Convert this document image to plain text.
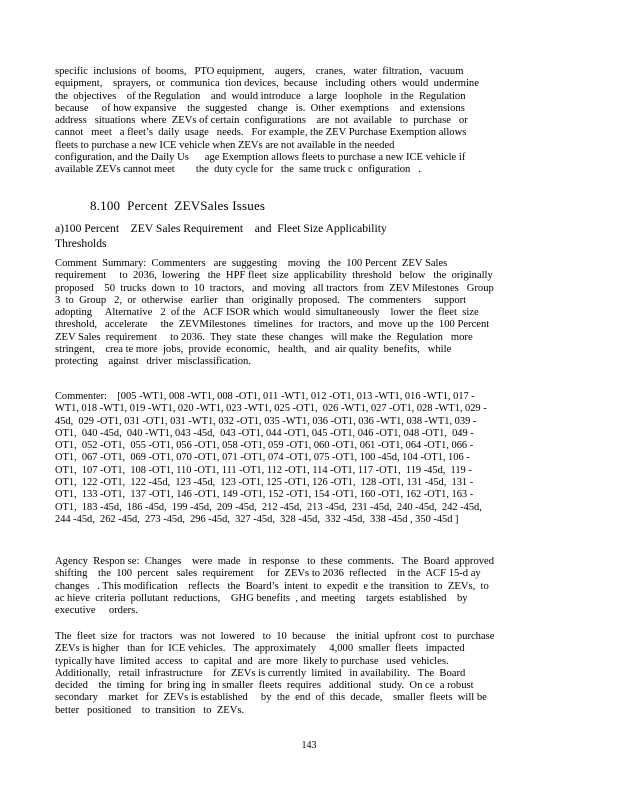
specific  inclusions  of  booms,   PTO equipment,    augers,    cranes,   water  filtration,   vacuum
equipment,    sprayers,  or  communica  tion devices,  because   including  others  would  undermine
the  objectives    of the Regulation    and  would introduce   a large   loophole   in the  Regulation
because     of how expansive    the  suggested    change   is.  Other  exemptions    and  extensions
address   situations  where  ZEVs of certain  configurations    are  not  available   to  purchase   or
cannot   meet   a fleet’s  daily  usage   needs.   For example, the ZEV Purchase Exemption allows
fleets to purchase a new ICE vehicle when ZEVs are not available in the needed
configuration, and the Daily Us      age Exemption allows fleets to purchase a new ICE vehicle if
available ZEVs cannot meet        the  duty cycle for   the  same truck c  onfiguration   .

8.100  Percent  ZEVSales Issues
a)100 Percent    ZEV Sales Requirement    and  Fleet Size Applicability
Thresholds

Comment  Summary:  Commenters   are  suggesting    moving   the  100 Percent  ZEV Sales
requirement     to  2036,  lowering   the  HPF fleet  size  applicability  threshold   below   the  originally
proposed    50  trucks  down  to  10  tractors,   and  moving   all tractors  from  ZEV Milestones   Group
3  to  Group   2,  or  otherwise   earlier   than   originally  proposed.   The  commenters     support
adopting     Alternative   2  of the   ACF ISOR which  would  simultaneously    lower  the  fleet  size
threshold,   accelerate     the  ZEVMilestones   timelines   for  tractors,  and  move  up the  100 Percent
ZEV Sales  requirement     to 2036.  They  state  these  changes   will make  the  Regulation   more
stringent,    crea te more  jobs,  provide  economic,   health,   and  air quality  benefits,   while
protecting    against   driver  misclassification.

Commenter:    [005 -WT1, 008 -WT1, 008 -OT1, 011 -WT1, 012 -OT1, 013 -WT1, 016 -WT1, 017 -
WT1, 018 -WT1, 019 -WT1, 020 -WT1, 023 -WT1, 025 -OT1,  026 -WT1, 027 -OT1, 028 -WT1, 029 -
45d,  029 -OT1, 031 -OT1, 031 -WT1, 032 -OT1, 035 -WT1, 036 -OT1, 036 -WT1, 038 -WT1, 039 -
OT1,  040 -45d,  040 -WT1, 043 -45d,  043 -OT1, 044 -OT1, 045 -OT1, 046 -OT1, 048 -OT1,  049 -
OT1,  052 -OT1,  055 -OT1, 056 -OT1, 058 -OT1, 059 -OT1, 060 -OT1, 061 -OT1, 064 -OT1, 066 -
OT1,  067 -OT1,  069 -OT1, 070 -OT1, 071 -OT1, 074 -OT1, 075 -OT1, 100 -45d, 104 -OT1, 106 -
OT1,  107 -OT1,  108 -OT1, 110 -OT1, 111 -OT1, 112 -OT1, 114 -OT1, 117 -OT1,  119 -45d,  119 -
OT1,  122 -OT1,  122 -45d,  123 -45d,  123 -OT1, 125 -OT1, 126 -OT1,  128 -OT1, 131 -45d,  131 -
OT1,  133 -OT1,  137 -OT1, 146 -OT1, 149 -OT1, 152 -OT1, 154 -OT1, 160 -OT1, 162 -OT1, 163 -
OT1,  183 -45d,  186 -45d,  199 -45d,  209 -45d,  212 -45d,  213 -45d,  231 -45d,  240 -45d,  242 -45d,
244 -45d,  262 -45d,  273 -45d,  296 -45d,  327 -45d,  328 -45d,  332 -45d,  338 -45d , 350 -45d ]

Agency  Respon se:  Changes    were  made   in  response   to  these  comments.   The  Board  approved
shifting    the  100  percent   sales  requirement     for  ZEVs to 2036  reflected    in the  ACF 15-d ay
changes   . This modification    reflects   the  Board’s  intent  to  expedit  e the  transition  to  ZEVs,  to
ac hieve  criteria  pollutant  reductions,    GHG benefits  , and  meeting    targets  established    by
executive     orders.

The  fleet  size  for  tractors   was  not  lowered   to  10  because    the  initial  upfront  cost  to  purchase
ZEVs is higher   than  for  ICE vehicles.   The  approximately     4,000  smaller  fleets   impacted
typically have  limited  access   to  capital  and  are  more  likely to purchase   used  vehicles.
Additionally,   retail  infrastructure    for  ZEVs is currently  limited   in availability.   The  Board
decided    the  timing  for  bring ing  in smaller  fleets  requires   additional   study.  On ce  a robust
secondary    market   for  ZEVs is established     by  the  end  of  this  decade,    smaller  fleets  will be
better   positioned    to  transition   to  ZEVs.

143
